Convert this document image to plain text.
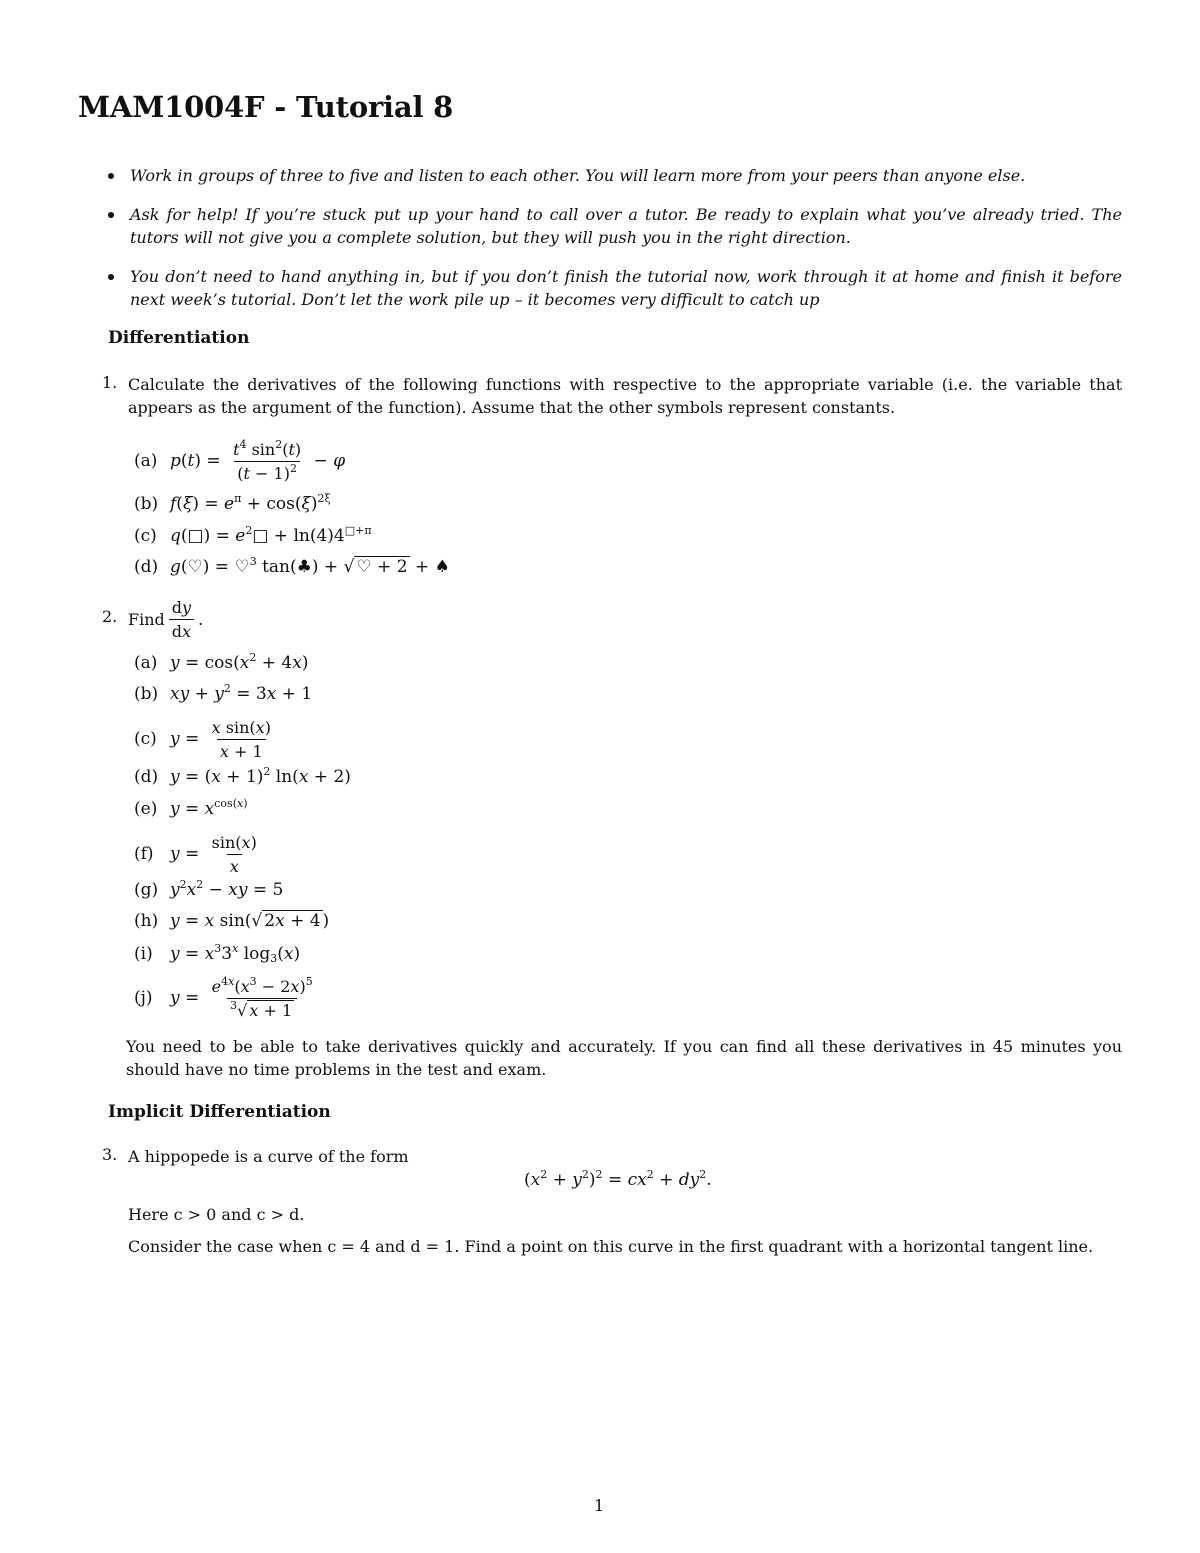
MAM1004F - Tutorial 8
Work in groups of three to five and listen to each other. You will learn more from your peers than anyone else.
Ask for help! If you’re stuck put up your hand to call over a tutor. Be ready to explain what you’ve already tried. The tutors will not give you a complete solution, but they will push you in the right direction.
You don’t need to hand anything in, but if you don’t finish the tutorial now, work through it at home and finish it before next week’s tutorial. Don’t let the work pile up – it becomes very difficult to catch up
Differentiation
1. Calculate the derivatives of the following functions with respective to the appropriate variable (i.e. the variable that appears as the argument of the function). Assume that the other symbols represent constants.

(a) $p(t) = \frac{t^4 \sin^2(t)}{(t - 1)^2} - \varphi$
(b) $f(\xi) = e^\pi + \cos(\xi)^{2\xi}$
(c) q(□) = $e^2□ + \ln(4)4^{□+\pi}$
(d) g(♡) = ♡$^3$ tan(♣) + √ ♡ + 2 + ♠
2. Find $\frac{dy}{dx}$ .
(a) $y = \cos(x^2 + 4x)$
(b) xy + $y^2 = 3x + 1$
(c) $y = \frac{\text{x sin(x)}}{x + 1}$
(d) $y = (x + 1)^2$ ln(x + 2)
(e) $y = x^{cos(x)}$
(f) $y = \frac{\sin(x)}{x}$
(g) $y^2x^2$ − xy = 5
(h) y = x sin(√ 2x + 4 )
(i)	$y = x^33^x$ $\log_3(x)$
(j)	$y = \frac{e^{4x}(x^3 - 2x)^5}{^3√ x + 1}$

You need to be able to take derivatives quickly and accurately. If you can find all these derivatives in 45 minutes you should have no time problems in the test and exam.

Implicit Differentiation
3. A hippopede is a curve of the form

$(x^2 + y^2)^2 = cx^2 + dy^2$.

Here c > 0 and c > d.

Consider the case when c = 4 and d = 1. Find a point on this curve in the first quadrant with a horizontal tangent line.

1
